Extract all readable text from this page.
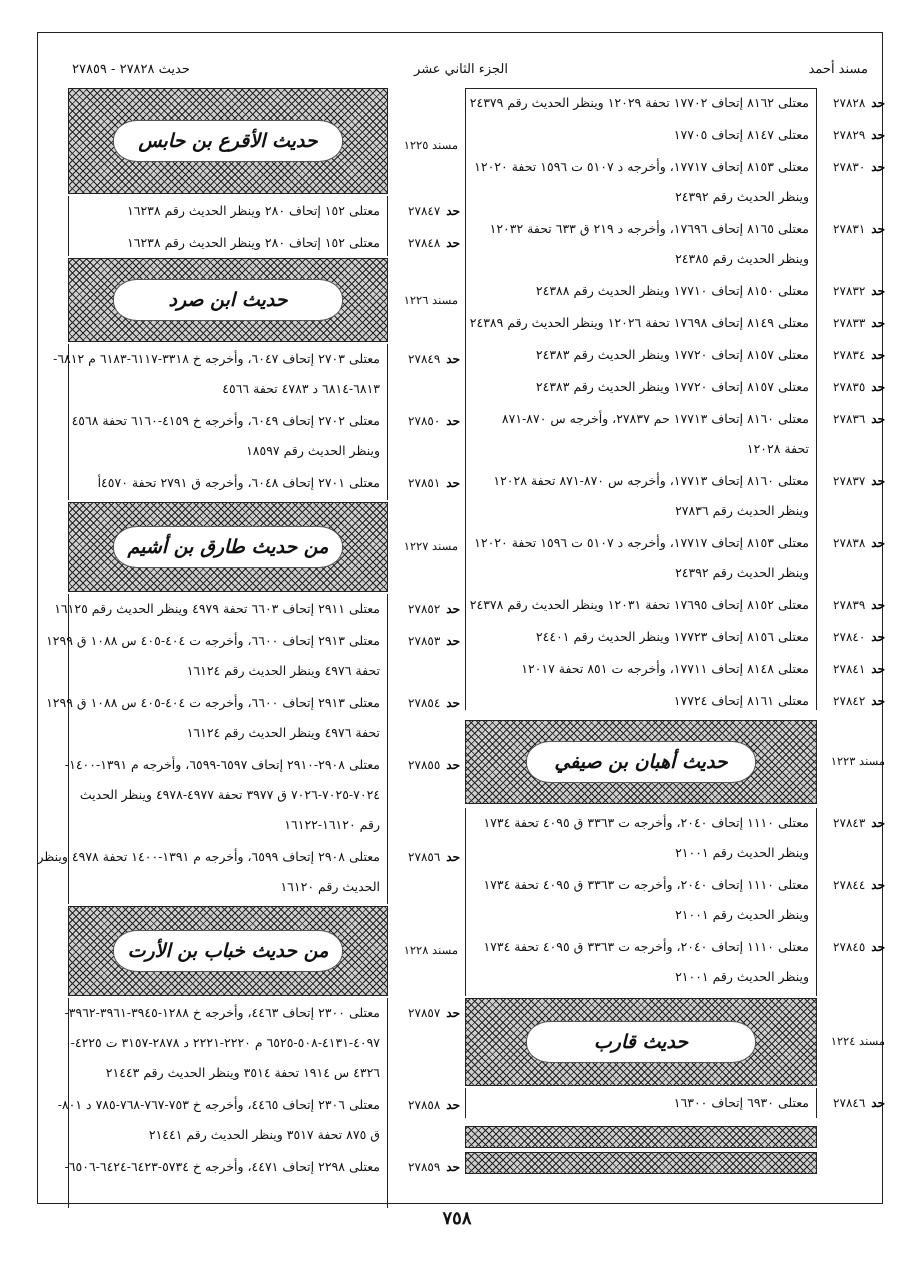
مسند أحمد
الجزء الثاني عشر
حديث ٢٧٨٢٨ - ٢٧٨٥٩
حديث أهبان بن صيفي	مسند ١٢٢٣
حديث قارب	مسند ١٢٢٤
حد٢٧٨٢٨
معتلى ٨١٦٢ إتحاف ١٧٧٠٢ تحفة ١٢٠٢٩ وينظر الحديث رقم ٢٤٣٧٩
حد٢٧٨٢٩
معتلى ٨١٤٧ إتحاف ١٧٧٠٥
حد٢٧٨٣٠
معتلى ٨١٥٣ إتحاف ١٧٧١٧، وأخرجه د ٥١٠٧ ت ١٥٩٦ تحفة ١٢٠٢٠
وينظر الحديث رقم ٢٤٣٩٢
حد٢٧٨٣١
معتلى ٨١٦٥ إتحاف ١٧٦٩٦، وأخرجه د ٢١٩ ق ٦٣٣ تحفة ١٢٠٣٢
وينظر الحديث رقم ٢٤٣٨٥
حد٢٧٨٣٢
معتلى ٨١٥٠ إتحاف ١٧٧١٠ وينظر الحديث رقم ٢٤٣٨٨
حد٢٧٨٣٣
معتلى ٨١٤٩ إتحاف ١٧٦٩٨ تحفة ١٢٠٢٦ وينظر الحديث رقم ٢٤٣٨٩
حد٢٧٨٣٤
معتلى ٨١٥٧ إتحاف ١٧٧٢٠ وينظر الحديث رقم ٢٤٣٨٣
حد٢٧٨٣٥
معتلى ٨١٥٧ إتحاف ١٧٧٢٠ وينظر الحديث رقم ٢٤٣٨٣
حد٢٧٨٣٦
معتلى ٨١٦٠ إتحاف ١٧٧١٣ حم ٢٧٨٣٧، وأخرجه س ٨٧٠-٨٧١
تحفة ١٢٠٢٨
حد٢٧٨٣٧
معتلى ٨١٦٠ إتحاف ١٧٧١٣، وأخرجه س ٨٧٠-٨٧١ تحفة ١٢٠٢٨
وينظر الحديث رقم ٢٧٨٣٦
حد٢٧٨٣٨
معتلى ٨١٥٣ إتحاف ١٧٧١٧، وأخرجه د ٥١٠٧ ت ١٥٩٦ تحفة ١٢٠٢٠
وينظر الحديث رقم ٢٤٣٩٢
حد٢٧٨٣٩
معتلى ٨١٥٢ إتحاف ١٧٦٩٥ تحفة ١٢٠٣١ وينظر الحديث رقم ٢٤٣٧٨
حد٢٧٨٤٠
معتلى ٨١٥٦ إتحاف ١٧٧٢٣ وينظر الحديث رقم ٢٤٤٠١
حد٢٧٨٤١
معتلى ٨١٤٨ إتحاف ١٧٧١١، وأخرجه ت ٨٥١ تحفة ١٢٠١٧
حد٢٧٨٤٢
معتلى ٨١٦١ إتحاف ١٧٧٢٤
حد٢٧٨٤٣
معتلى ١١١٠ إتحاف ٢٠٤٠، وأخرجه ت ٣٣٦٣ ق ٤٠٩٥ تحفة ١٧٣٤
وينظر الحديث رقم ٢١٠٠١
حد٢٧٨٤٤
معتلى ١١١٠ إتحاف ٢٠٤٠، وأخرجه ت ٣٣٦٣ ق ٤٠٩٥ تحفة ١٧٣٤
وينظر الحديث رقم ٢١٠٠١
حد٢٧٨٤٥
معتلى ١١١٠ إتحاف ٢٠٤٠، وأخرجه ت ٣٣٦٣ ق ٤٠٩٥ تحفة ١٧٣٤
وينظر الحديث رقم ٢١٠٠١
حد٢٧٨٤٦
معتلى ٦٩٣٠ إتحاف ١٦٣٠٠
حديث الأقرع بن حابس	مسند ١٢٢٥
حديث ابن صرد	مسند ١٢٢٦
من حديث طارق بن أشيم	مسند ١٢٢٧
من حديث خباب بن الأرت	مسند ١٢٢٨
حد٢٧٨٤٧
معتلى ١٥٢ إتحاف ٢٨٠ وينظر الحديث رقم ١٦٢٣٨
حد٢٧٨٤٨
معتلى ١٥٢ إتحاف ٢٨٠ وينظر الحديث رقم ١٦٢٣٨
حد٢٧٨٤٩
معتلى ٢٧٠٣ إتحاف ٦٠٤٧، وأخرجه خ ٣٣١٨-٦١١٧-٦١٨٣ م ٦٨١٢-
٦٨١٣-٦٨١٤ د ٤٧٨٣ تحفة ٤٥٦٦
حد٢٧٨٥٠
معتلى ٢٧٠٢ إتحاف ٦٠٤٩، وأخرجه خ ٤١٥٩-٦١٦٠ تحفة ٤٥٦٨
وينظر الحديث رقم ١٨٥٩٧
حد٢٧٨٥١
معتلى ٢٧٠١ إتحاف ٦٠٤٨، وأخرجه ق ٢٧٩١ تحفة ٤٥٧٠أ
حد٢٧٨٥٢
معتلى ٢٩١١ إتحاف ٦٦٠٣ تحفة ٤٩٧٩ وينظر الحديث رقم ١٦١٢٥
حد٢٧٨٥٣
معتلى ٢٩١٣ إتحاف ٦٦٠٠، وأخرجه ت ٤٠٤-٤٠٥ س ١٠٨٨ ق ١٢٩٩
تحفة ٤٩٧٦ وينظر الحديث رقم ١٦١٢٤
حد٢٧٨٥٤
معتلى ٢٩١٣ إتحاف ٦٦٠٠، وأخرجه ت ٤٠٤-٤٠٥ س ١٠٨٨ ق ١٢٩٩
تحفة ٤٩٧٦ وينظر الحديث رقم ١٦١٢٤
حد٢٧٨٥٥
معتلى ٢٩٠٨-٢٩١٠ إتحاف ٦٥٩٧-٦٥٩٩، وأخرجه م ١٣٩١-١٤٠٠-
٧٠٢٤-٧٠٢٥-٧٠٢٦ ق ٣٩٧٧ تحفة ٤٩٧٧-٤٩٧٨ وينظر الحديث
رقم ١٦١٢٠-١٦١٢٢
حد٢٧٨٥٦
معتلى ٢٩٠٨ إتحاف ٦٥٩٩، وأخرجه م ١٣٩١-١٤٠٠ تحفة ٤٩٧٨ وينظر
الحديث رقم ١٦١٢٠
حد٢٧٨٥٧
معتلى ٢٣٠٠ إتحاف ٤٤٦٣، وأخرجه خ ١٢٨٨-٣٩٤٥-٣٩٦١-٣٩٦٢-
٤٠٩٧-٤١٣١-٥٠٨-٦٥٢٥ م ٢٢٢٠-٢٢٢١ د ٢٨٧٨-٣١٥٧ ت ٤٢٢٥-
٤٣٢٦ س ١٩١٤ تحفة ٣٥١٤ وينظر الحديث رقم ٢١٤٤٣
حد٢٧٨٥٨
معتلى ٢٣٠٦ إتحاف ٤٤٦٥، وأخرجه خ ٧٥٣-٧٦٧-٧٦٨-٧٨٥ د ٨٠١-
ق ٨٧٥ تحفة ٣٥١٧ وينظر الحديث رقم ٢١٤٤١
حد٢٧٨٥٩
معتلى ٢٢٩٨ إتحاف ٤٤٧١، وأخرجه خ ٥٧٣٤-٦٤٢٣-٦٤٢٤-٦٥٠٦-
٧٥٨
